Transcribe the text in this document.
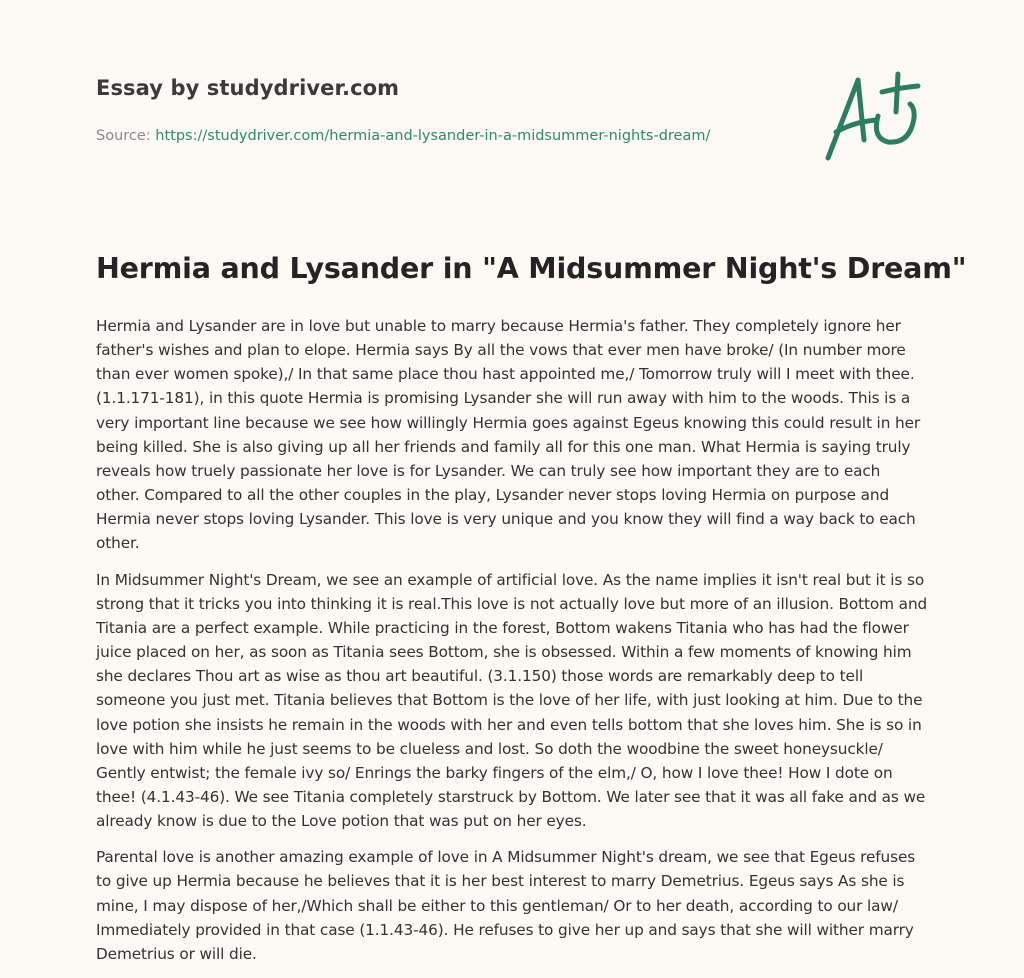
Essay by studydriver.com
Source: https://studydriver.com/hermia-and-lysander-in-a-midsummer-nights-dream/
Hermia and Lysander in "A Midsummer Night's Dream"

Hermia and Lysander are in love but unable to marry because Hermia's father. They completely ignore her father's wishes and plan to elope. Hermia says By all the vows that ever men have broke/ (In number more than ever women spoke),/ In that same place thou hast appointed me,/ Tomorrow truly will I meet with thee. (1.1.171-181), in this quote Hermia is promising Lysander she will run away with him to the woods. This is a very important line because we see how willingly Hermia goes against Egeus knowing this could result in her being killed. She is also giving up all her friends and family all for this one man. What Hermia is saying truly reveals how truely passionate her love is for Lysander. We can truly see how important they are to each other. Compared to all the other couples in the play, Lysander never stops loving Hermia on purpose and Hermia never stops loving Lysander. This love is very unique and you know they will find a way back to each other.

In Midsummer Night's Dream, we see an example of artificial love. As the name implies it isn't real but it is so strong that it tricks you into thinking it is real.This love is not actually love but more of an illusion. Bottom and Titania are a perfect example. While practicing in the forest, Bottom wakens Titania who has had the flower juice placed on her, as soon as Titania sees Bottom, she is obsessed. Within a few moments of knowing him she declares Thou art as wise as thou art beautiful. (3.1.150) those words are remarkably deep to tell someone you just met. Titania believes that Bottom is the love of her life, with just looking at him. Due to the love potion she insists he remain in the woods with her and even tells bottom that she loves him. She is so in love with him while he just seems to be clueless and lost. So doth the woodbine the sweet honeysuckle/ Gently entwist; the female ivy so/ Enrings the barky fingers of the elm,/ O, how I love thee! How I dote on thee! (4.1.43-46). We see Titania completely starstruck by Bottom. We later see that it was all fake and as we already know is due to the Love potion that was put on her eyes.

Parental love is another amazing example of love in A Midsummer Night's dream, we see that Egeus refuses to give up Hermia because he believes that it is her best interest to marry Demetrius. Egeus says As she is mine, I may dispose of her,/Which shall be either to this gentleman/ Or to her death, according to our law/ Immediately provided in that case (1.1.43-46). He refuses to give her up and says that she will wither marry Demetrius or will die.
